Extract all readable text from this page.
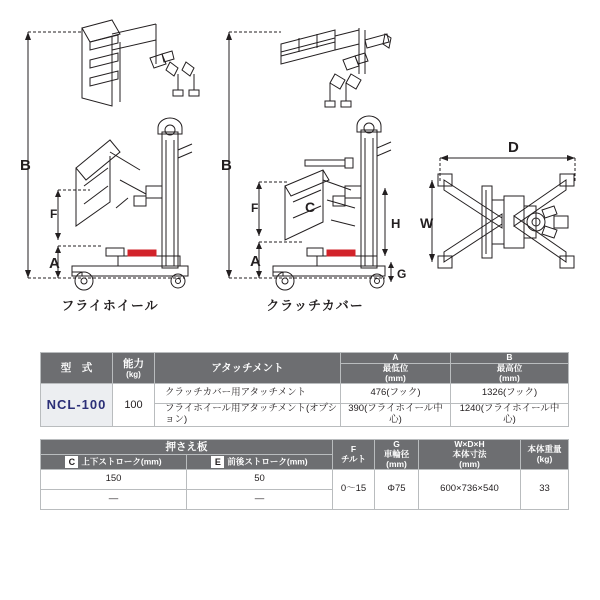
B
F
A
フライホイール
B
F
A
C
H
G
クラッチカバー
D
W
型　式	能力
(kg)	アタッチメント	A	B

最低位
(mm)

最高位
(mm)

NCL-100	100	クラッチカバー用アタッチメント	476(フック)	1326(フック)
		フライホイール用アタッチメント(オプション)	390(フライホイール中心)	1240(フライホイール中心)
押さえ板	F
チルト

G
車輪径
(mm)

W×D×H
本体寸法
(mm)

本体重量
(kg)

C 上下ストローク(mm)	E 前後ストローク(mm)				
150	50	0～15	Φ75	600×736×540	33
—	—				
